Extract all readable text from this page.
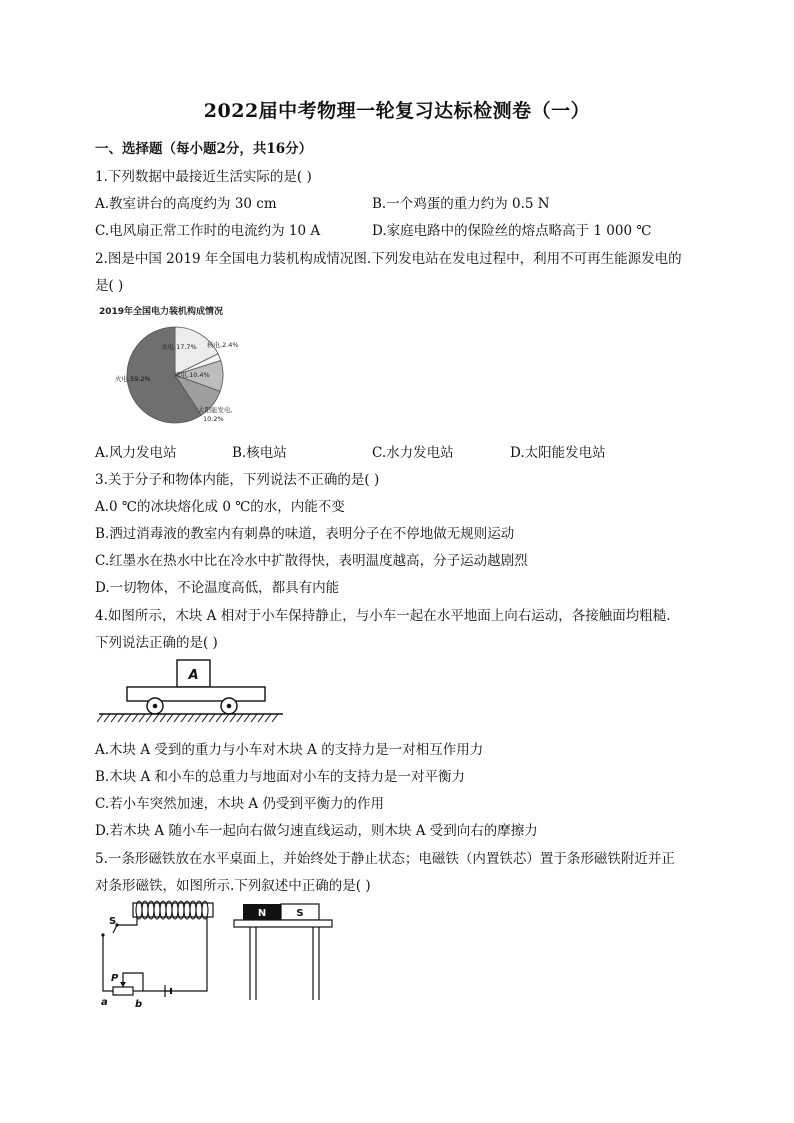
2022届中考物理一轮复习达标检测卷（一）
一、选择题（每小题2分，共16分）
1.下列数据中最接近生活实际的是( )
A.教室讲台的高度约为 30 cm	B.一个鸡蛋的重力约为 0.5 N
C.电风扇正常工作时的电流约为 10 A	D.家庭电路中的保险丝的熔点略高于 1 000 ℃
2.图是中国 2019 年全国电力装机构成情况图.下列发电站在发电过程中，利用不可再生能源发电的
是( )
2019年全国电力装机构成情况
水电,17.7% 核电,2.4%
风电,10.4%
太阳能发电,
10.2%
火电,59.2%
A.风力发电站	B.核电站	C.水力发电站	D.太阳能发电站
3.关于分子和物体内能，下列说法不正确的是( )
A.0 ℃的冰块熔化成 0 ℃的水，内能不变
B.洒过消毒液的教室内有刺鼻的味道，表明分子在不停地做无规则运动
C.红墨水在热水中比在冷水中扩散得快，表明温度越高，分子运动越剧烈
D.一切物体，不论温度高低，都具有内能
4.如图所示，木块 A 相对于小车保持静止，与小车一起在水平地面上向右运动，各接触面均粗糙.
下列说法正确的是( )
A
A.木块 A 受到的重力与小车对木块 A 的支持力是一对相互作用力
B.木块 A 和小车的总重力与地面对小车的支持力是一对平衡力
C.若小车突然加速，木块 A 仍受到平衡力的作用
D.若木块 A 随小车一起向右做匀速直线运动，则木块 A 受到向右的摩擦力
5.一条形磁铁放在水平桌面上，并始终处于静止状态；电磁铁（内置铁芯）置于条形磁铁附近并正
对条形磁铁，如图所示.下列叙述中正确的是( )
S
P
a	b
N	S
